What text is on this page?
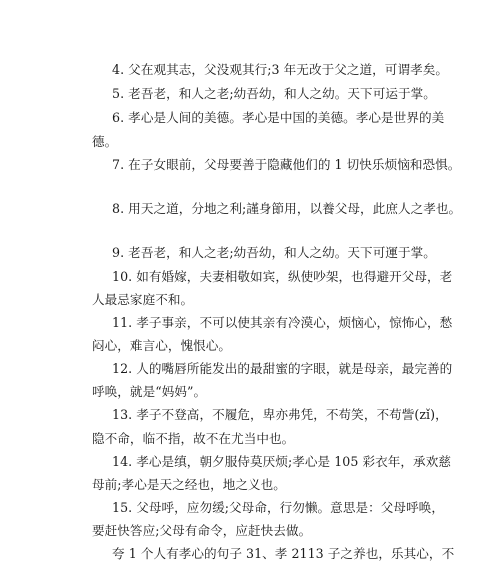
4. 父在观其志，父没观其行;3 年无改于父之道，可谓孝矣。
5. 老吾老，和人之老;幼吾幼，和人之幼。天下可运于掌。
6. 孝心是人间的美德。孝心是中国的美德。孝心是世界的美
德。
7. 在子女眼前，父母要善于隐藏他们的 1 切快乐烦恼和恐惧。
8. 用天之道，分地之利;謹身節用，以養父母，此庶人之孝也。
9. 老吾老，和人之老;幼吾幼，和人之幼。天下可運于掌。
10. 如有婚嫁，夫妻相敬如宾，纵使吵架，也得避开父母，老
人最忌家庭不和。
11. 孝子事亲，不可以使其亲有冷漠心，烦恼心，惊怖心，愁
闷心，难言心，愧恨心。
12. 人的嘴唇所能发出的最甜蜜的字眼，就是母亲，最完善的
呼唤，就是“妈妈”。
13. 孝子不登高，不履危，卑亦弗凭，不苟笑，不苟訾(zǐ)，
隐不命，临不指，故不在尤当中也。
14. 孝心是缜，朝夕服侍莫厌烦;孝心是 105 彩衣年，承欢慈
母前;孝心是天之经也，地之义也。
15. 父母呼，应勿缓;父母命，行勿懒。意思是：父母呼唤，
要赶快答应;父母有命令，应赶快去做。
夸 1 个人有孝心的句子 31、孝 2113 子之养也，乐其心，不
